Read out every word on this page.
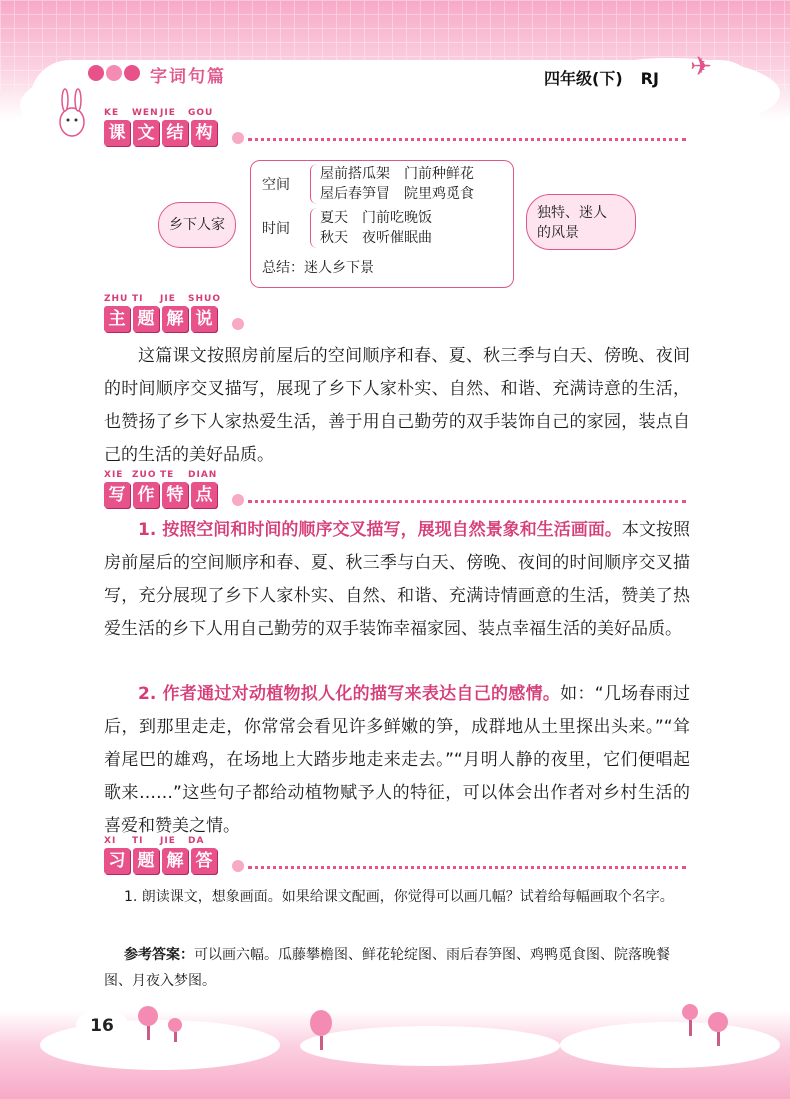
字词句篇	四年级(下) RJ ✈
KE WENJIE GOU
课 文 结 构
乡下人家
空间
屋前搭瓜架　门前种鲜花
屋后春笋冒　院里鸡觅食
时间
夏天　门前吃晚饭
秋天　夜听催眠曲
总结：迷人乡下景
独特、迷人
的风景
ZHU TI JIE SHUO
主 题 解 说
这篇课文按照房前屋后的空间顺序和春、夏、秋三季与白天、傍晚、夜间的时间顺序交叉描写，展现了乡下人家朴实、自然、和谐、充满诗意的生活，也赞扬了乡下人家热爱生活，善于用自己勤劳的双手装饰自己的家园，装点自己的生活的美好品质。
XIE ZUO TE DIAN
写 作 特 点
1. 按照空间和时间的顺序交叉描写，展现自然景象和生活画面。本文按照房前屋后的空间顺序和春、夏、秋三季与白天、傍晚、夜间的时间顺序交叉描写，充分展现了乡下人家朴实、自然、和谐、充满诗情画意的生活，赞美了热爱生活的乡下人用自己勤劳的双手装饰幸福家园、装点幸福生活的美好品质。
2. 作者通过对动植物拟人化的描写来表达自己的感情。如：“几场春雨过后，到那里走走，你常常会看见许多鲜嫩的笋，成群地从土里探出头来。”“耸着尾巴的雄鸡，在场地上大踏步地走来走去。”“月明人静的夜里，它们便唱起歌来……”这些句子都给动植物赋予人的特征，可以体会出作者对乡村生活的喜爱和赞美之情。
XI TI JIE DA
习 题 解 答
1. 朗读课文，想象画面。如果给课文配画，你觉得可以画几幅？试着给每幅画取个名字。
参考答案：可以画六幅。瓜藤攀檐图、鲜花轮绽图、雨后春笋图、鸡鸭觅食图、院落晚餐图、月夜入梦图。
16
